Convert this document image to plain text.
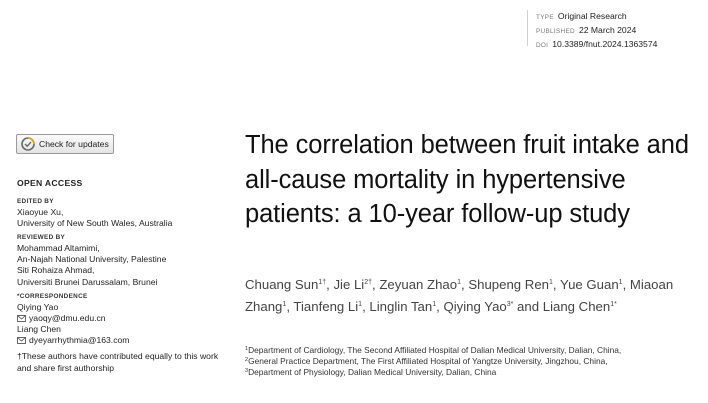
TYPE Original Research
PUBLISHED 22 March 2024
DOI 10.3389/fnut.2024.1363574
Check for updates
OPEN ACCESS
EDITED BY
Xiaoyue Xu,
University of New South Wales, Australia
REVIEWED BY
Mohammad Altamimi,
An-Najah National University, Palestine
Siti Rohaiza Ahmad,
Universiti Brunei Darussalam, Brunei
*CORRESPONDENCE
Qiying Yao
yaoqy@dmu.edu.cn
Liang Chen
dyeyarrhythmia@163.com
†These authors have contributed equally to this work and share first authorship
The correlation between fruit intake and all-cause mortality in hypertensive patients: a 10-year follow-up study
Chuang Sun$^{1\dagger}$, Jie $Li^{2\dagger}$, Zeyuan Zhao$^1$, Shupeng Ren$^1$, Yue Guan$^1$, Miaoan Zhang$^1$, Tianfeng Li$^1$, Linglin Tan$^1$, Qiying Yao$^{3*}$ and Liang Chen$^{1*}$
$^1$Department of Cardiology, The Second Affiliated Hospital of Dalian Medical University, Dalian, China,
$^2$General Practice Department, The First Affiliated Hospital of Yangtze University, Jingzhou, China,
$^3$Department of Physiology, Dalian Medical University, Dalian, China
